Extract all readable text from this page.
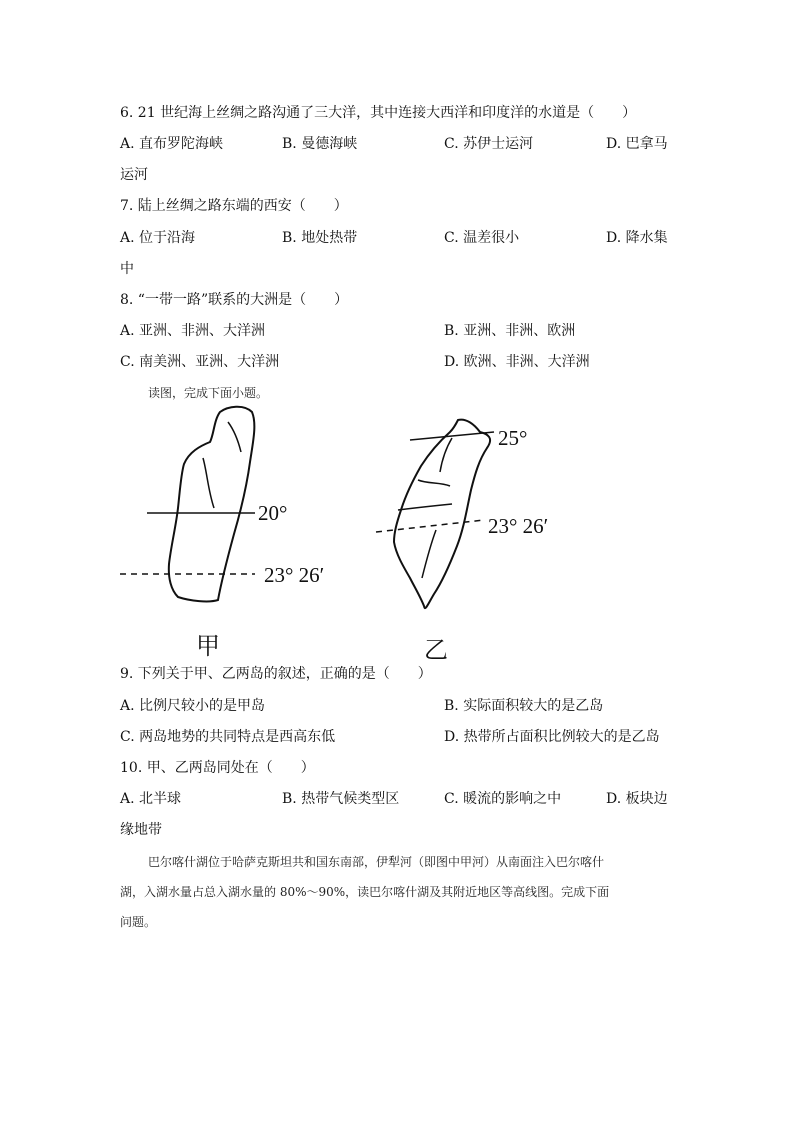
6. 21 世纪海上丝绸之路沟通了三大洋，其中连接大西洋和印度洋的水道是（　　）
A. 直布罗陀海峡	B. 曼德海峡	C. 苏伊士运河	D. 巴拿马
运河
7. 陆上丝绸之路东端的西安（　　）
A. 位于沿海	B. 地处热带	C. 温差很小	D. 降水集
中
8. “一带一路”联系的大洲是（　　）
A. 亚洲、非洲、大洋洲	B. 亚洲、非洲、欧洲
C. 南美洲、亚洲、大洋洲	D. 欧洲、非洲、大洋洲
读图，完成下面小题。
20°
23° 26′
甲
25°
23° 26′
乙
9. 下列关于甲、乙两岛的叙述，正确的是（　　）
A. 比例尺较小的是甲岛	B. 实际面积较大的是乙岛
C. 两岛地势的共同特点是西高东低	D. 热带所占面积比例较大的是乙岛
10. 甲、乙两岛同处在（　　）
A. 北半球	B. 热带气候类型区	C. 暖流的影响之中	D. 板块边
缘地带
巴尔喀什湖位于哈萨克斯坦共和国东南部，伊犁河（即图中甲河）从南面注入巴尔喀什
湖，入湖水量占总入湖水量的 80%～90%，读巴尔喀什湖及其附近地区等高线图。完成下面
问题。
